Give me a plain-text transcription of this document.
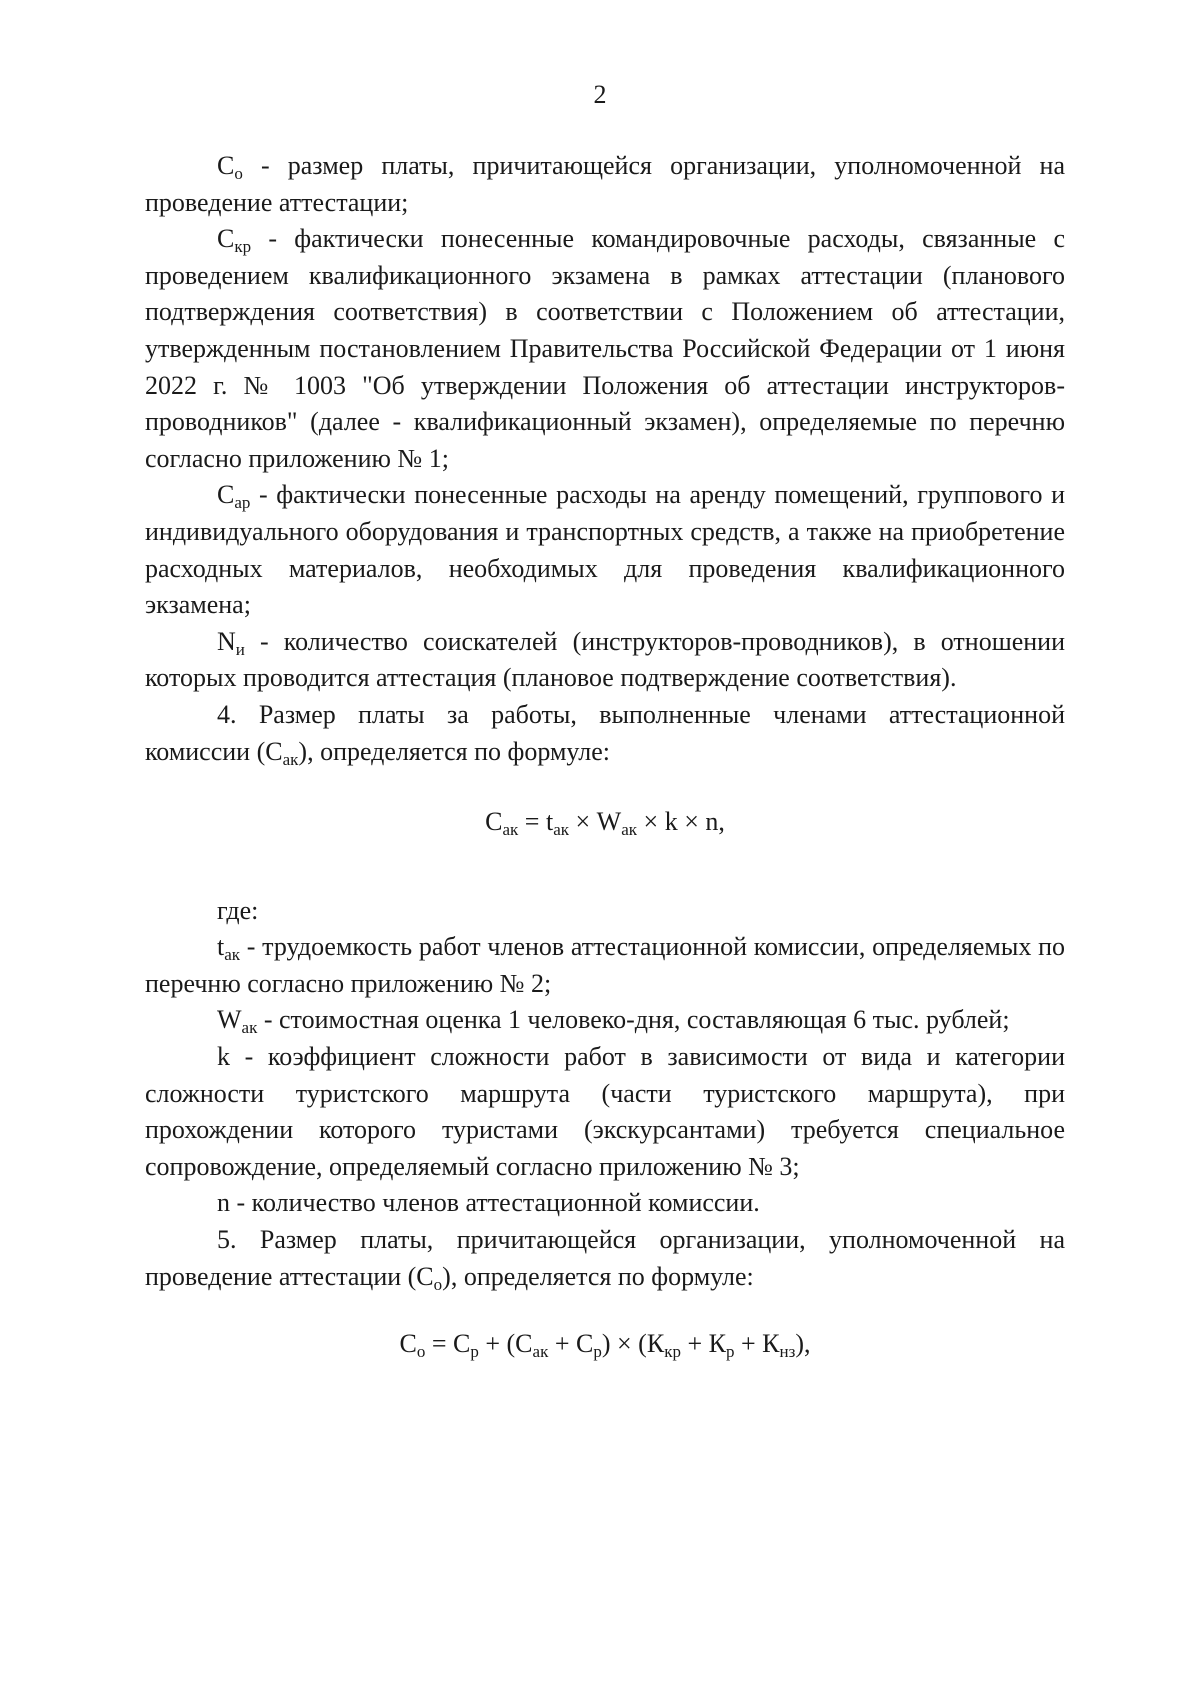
2

$С_о$ - размер платы, причитающейся организации, уполномоченной на проведение аттестации;

$С_{кр}$ - фактически понесенные командировочные расходы, связанные с проведением квалификационного экзамена в рамках аттестации (планового подтверждения соответствия) в соответствии с Положением об аттестации, утвержденным постановлением Правительства Российской Федерации от 1 июня 2022 г. № 1003 "Об утверждении Положения об аттестации инструкторов-проводников" (далее - квалификационный экзамен), определяемые по перечню согласно приложению № 1;

$С_{ар}$ - фактически понесенные расходы на аренду помещений, группового и индивидуального оборудования и транспортных средств, а также на приобретение расходных материалов, необходимых для проведения квалификационного экзамена;

$N_и$ - количество соискателей (инструкторов-проводников), в отношении которых проводится аттестация (плановое подтверждение соответствия).

4. Размер платы за работы, выполненные членами аттестационной комиссии $(С_{ак})$, определяется по формуле:

$С_{ак} = t_{ак} \times W_{ак} \times k \times n$,

где:

$t_{ак}$ - трудоемкость работ членов аттестационной комиссии, определяемых по перечню согласно приложению № 2;

$W_{ак}$ - стоимостная оценка 1 человеко-дня, составляющая 6 тыс. рублей;

k - коэффициент сложности работ в зависимости от вида и категории сложности туристского маршрута (части туристского маршрута), при прохождении которого туристами (экскурсантами) требуется специальное сопровождение, определяемый согласно приложению № 3;

n - количество членов аттестационной комиссии.

5. Размер платы, причитающейся организации, уполномоченной на проведение аттестации $(С_о)$, определяется по формуле:

$С_о = С_р + (С_{ак} + С_р) \times (К_{кр} + К_р + К_{нз})$,
